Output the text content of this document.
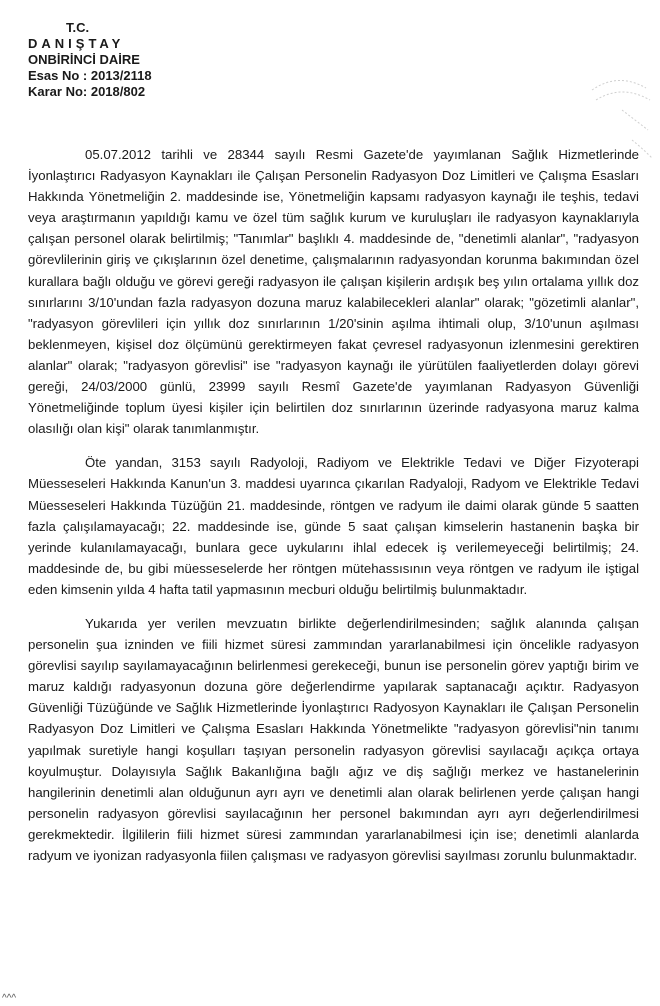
T.C.
DANIŞTAY
ONBİRİNCİ DAİRE
Esas No : 2013/2118
Karar No: 2018/802

05.07.2012 tarihli ve 28344 sayılı Resmi Gazete'de yayımlanan Sağlık Hizmetlerinde İyonlaştırıcı Radyasyon Kaynakları ile Çalışan Personelin Radyasyon Doz Limitleri ve Çalışma Esasları Hakkında Yönetmeliğin 2. maddesinde ise, Yönetmeliğin kapsamı radyasyon kaynağı ile teşhis, tedavi veya araştırmanın yapıldığı kamu ve özel tüm sağlık kurum ve kuruluşları ile radyasyon kaynaklarıyla çalışan personel olarak belirtilmiş; "Tanımlar" başlıklı 4. maddesinde de, "denetimli alanlar", "radyasyon görevlilerinin giriş ve çıkışlarının özel denetime, çalışmalarının radyasyondan korunma bakımından özel kurallara bağlı olduğu ve görevi gereği radyasyon ile çalışan kişilerin ardışık beş yılın ortalama yıllık doz sınırlarını 3/10'undan fazla radyasyon dozuna maruz kalabilecekleri alanlar" olarak; "gözetimli alanlar", "radyasyon görevlileri için yıllık doz sınırlarının 1/20'sinin aşılma ihtimali olup, 3/10'unun aşılması beklenmeyen, kişisel doz ölçümünü gerektirmeyen fakat çevresel radyasyonun izlenmesini gerektiren alanlar" olarak; "radyasyon görevlisi" ise "radyasyon kaynağı ile yürütülen faaliyetlerden dolayı görevi gereği, 24/03/2000 günlü, 23999 sayılı Resmî Gazete'de yayımlanan Radyasyon Güvenliği Yönetmeliğinde toplum üyesi kişiler için belirtilen doz sınırlarının üzerinde radyasyona maruz kalma olasılığı olan kişi" olarak tanımlanmıştır.

Öte yandan, 3153 sayılı Radyoloji, Radiyom ve Elektrikle Tedavi ve Diğer Fizyoterapi Müesseseleri Hakkında Kanun'un 3. maddesi uyarınca çıkarılan Radyaloji, Radyom ve Elektrikle Tedavi Müesseseleri Hakkında Tüzüğün 21. maddesinde, röntgen ve radyum ile daimi olarak günde 5 saatten fazla çalışılamayacağı; 22. maddesinde ise, günde 5 saat çalışan kimselerin hastanenin başka bir yerinde kulanılamayacağı, bunlara gece uykularını ihlal edecek iş verilemeyeceği belirtilmiş; 24. maddesinde de, bu gibi müesseselerde her röntgen mütehassısının veya röntgen ve radyum ile iştigal eden kimsenin yılda 4 hafta tatil yapmasının mecburi olduğu belirtilmiş bulunmaktadır.

Yukarıda yer verilen mevzuatın birlikte değerlendirilmesinden; sağlık alanında çalışan personelin şua izninden ve fiili hizmet süresi zammından yararlanabilmesi için öncelikle radyasyon görevlisi sayılıp sayılamayacağının belirlenmesi gerekeceği, bunun ise personelin görev yaptığı birim ve maruz kaldığı radyasyonun dozuna göre değerlendirme yapılarak saptanacağı açıktır. Radyasyon Güvenliği Tüzüğünde ve Sağlık Hizmetlerinde İyonlaştırıcı Radyosyon Kaynakları ile Çalışan Personelin Radyasyon Doz Limitleri ve Çalışma Esasları Hakkında Yönetmelikte "radyasyon görevlisi"nin tanımı yapılmak suretiyle hangi koşulları taşıyan personelin radyasyon görevlisi sayılacağı açıkça ortaya koyulmuştur. Dolayısıyla Sağlık Bakanlığına bağlı ağız ve diş sağlığı merkez ve hastanelerinin hangilerinin denetimli alan olduğunun ayrı ayrı ve denetimli alan olarak belirlenen yerde çalışan hangi personelin radyasyon görevlisi sayılacağının her personel bakımından ayrı ayrı değerlendirilmesi gerekmektedir. İlgililerin fiili hizmet süresi zammından yararlanabilmesi için ise; denetimli alanlarda radyum ve iyonizan radyasyonla fiilen çalışması ve radyasyon görevlisi sayılması zorunlu bulunmaktadır.

^^^
